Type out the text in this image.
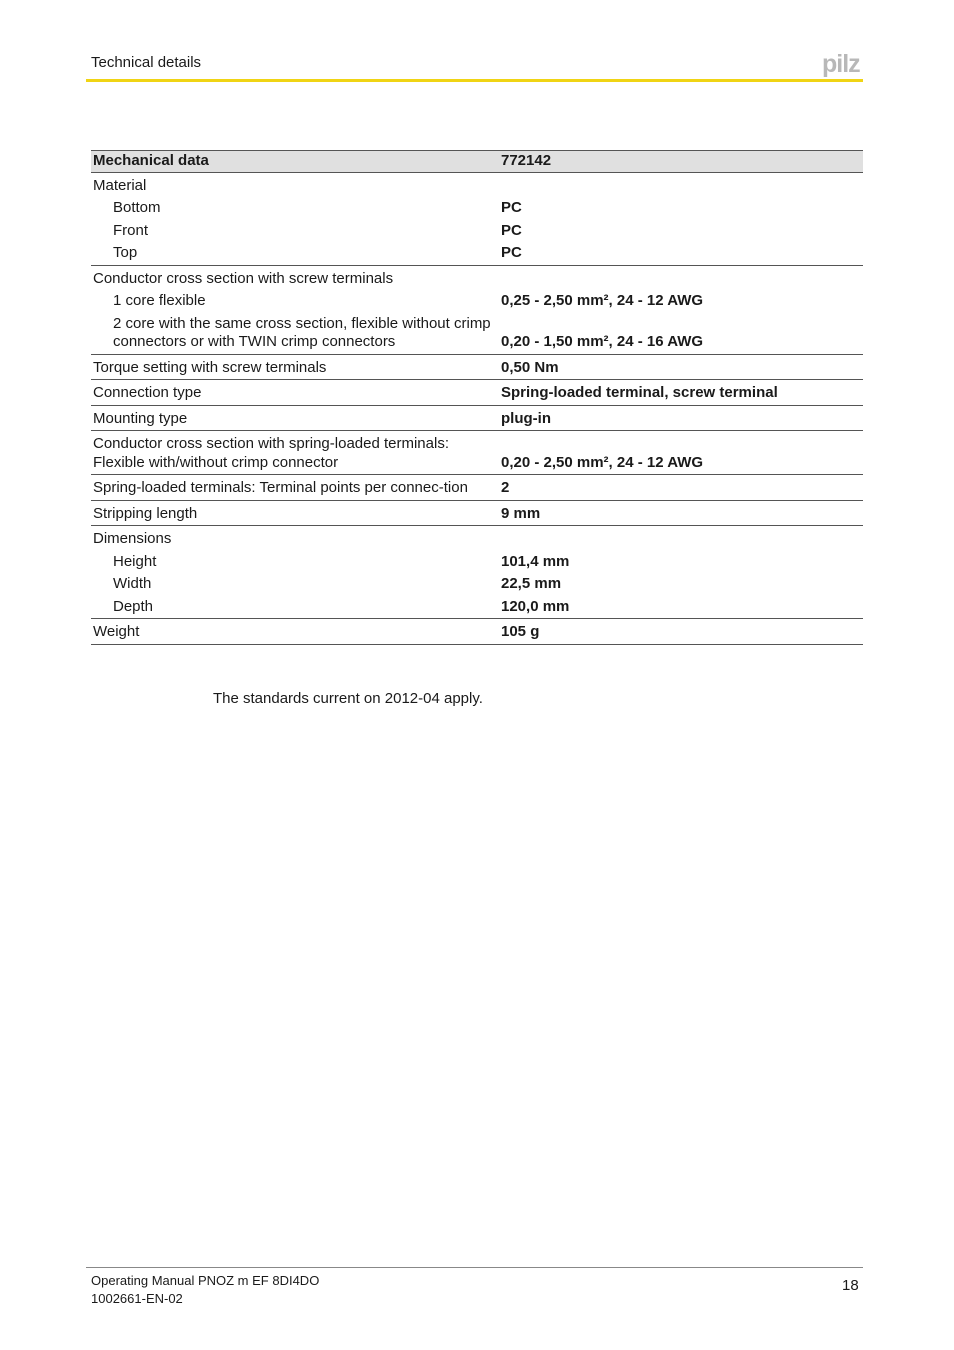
Technical details	pilz
Mechanical data	772142
Material	
Bottom	PC
Front	PC
Top	PC
Conductor cross section with screw terminals	
1 core flexible	0,25 - 2,50 mm², 24 - 12 AWG
2 core with the same cross section, flexible without crimp connectors or with TWIN crimp connectors	0,20 - 1,50 mm², 24 - 16 AWG
Torque setting with screw terminals	0,50 Nm
Connection type	Spring-loaded terminal, screw terminal
Mounting type	plug-in
Conductor cross section with spring-loaded terminals: Flexible with/without crimp connector	0,20 - 2,50 mm², 24 - 12 AWG
Spring-loaded terminals: Terminal points per connec-tion	2
Stripping length	9 mm
Dimensions	
Height	101,4 mm
Width	22,5 mm
Depth	120,0 mm
Weight	105 g
The standards current on 2012-04 apply.
Operating Manual PNOZ m EF 8DI4DO
1002661-EN-02
18
